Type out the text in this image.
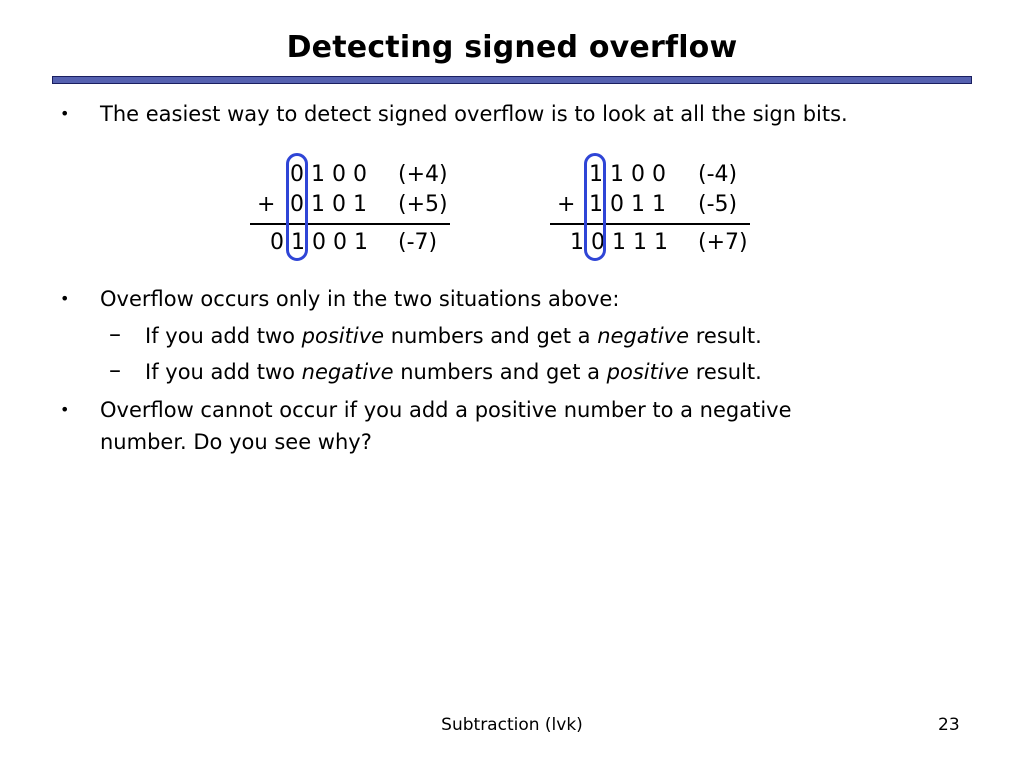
Detecting signed overflow
• The easiest way to detect signed overflow is to look at all the sign bits.
0 1 0 0 (+4)
+ 0 1 0 1 (+5)
0 1 0 0 1 (-7)
1 1 0 0 (-4)
+ 1 0 1 1 (-5)
1 0 1 1 1 (+7)
• Overflow occurs only in the two situations above:
– If you add two positive numbers and get a negative result.
– If you add two negative numbers and get a positive result.
• Overflow cannot occur if you add a positive number to a negative
number. Do you see why?
Subtraction (lvk)	23
